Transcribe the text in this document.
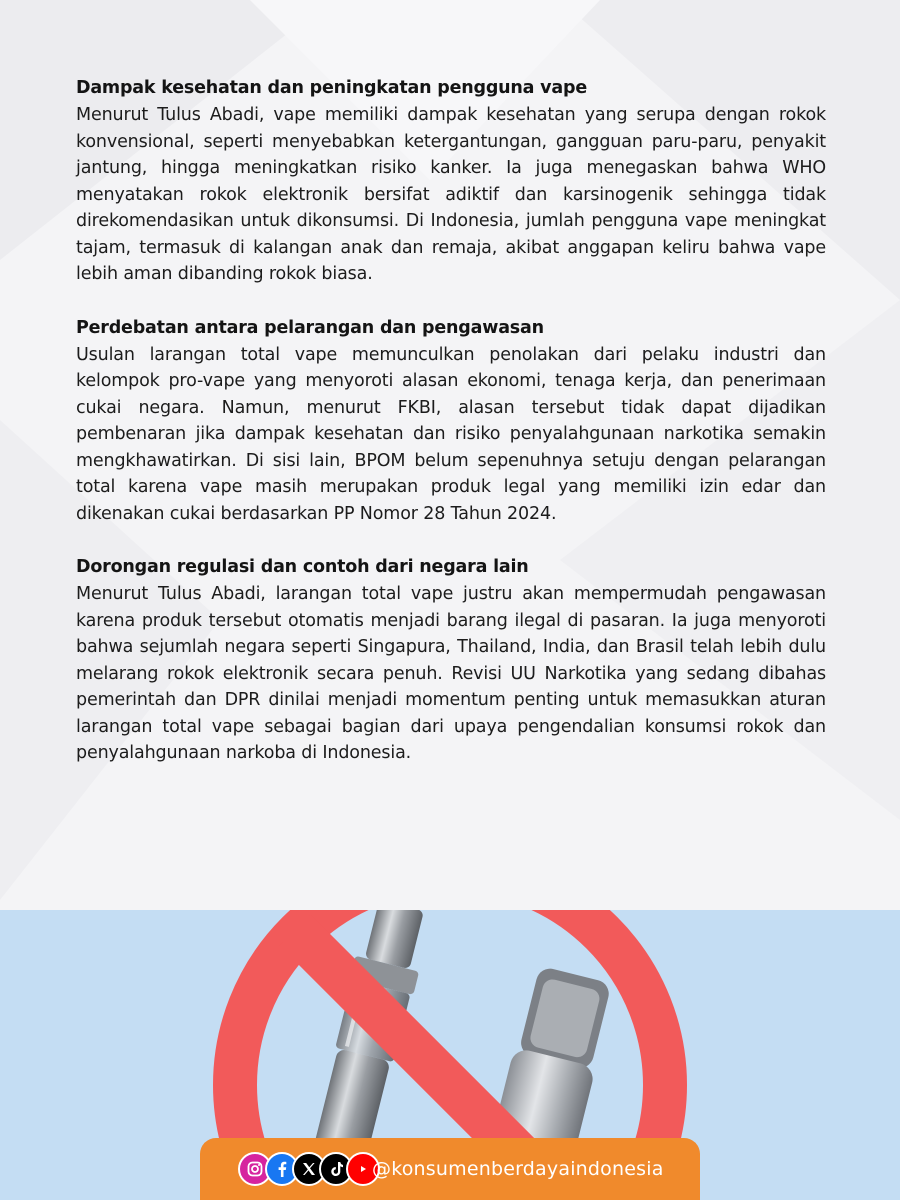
Dampak kesehatan dan peningkatan pengguna vape

Menurut Tulus Abadi, vape memiliki dampak kesehatan yang serupa dengan rokok konvensional, seperti menyebabkan ketergantungan, gangguan paru-paru, penyakit jantung, hingga meningkatkan risiko kanker. Ia juga menegaskan bahwa WHO menyatakan rokok elektronik bersifat adiktif dan karsinogenik sehingga tidak direkomendasikan untuk dikonsumsi. Di Indonesia, jumlah pengguna vape meningkat tajam, termasuk di kalangan anak dan remaja, akibat anggapan keliru bahwa vape lebih aman dibanding rokok biasa.

Perdebatan antara pelarangan dan pengawasan

Usulan larangan total vape memunculkan penolakan dari pelaku industri dan kelompok pro-vape yang menyoroti alasan ekonomi, tenaga kerja, dan penerimaan cukai negara. Namun, menurut FKBI, alasan tersebut tidak dapat dijadikan pembenaran jika dampak kesehatan dan risiko penyalahgunaan narkotika semakin mengkhawatirkan. Di sisi lain, BPOM belum sepenuhnya setuju dengan pelarangan total karena vape masih merupakan produk legal yang memiliki izin edar dan dikenakan cukai berdasarkan PP Nomor 28 Tahun 2024.

Dorongan regulasi dan contoh dari negara lain

Menurut Tulus Abadi, larangan total vape justru akan mempermudah pengawasan karena produk tersebut otomatis menjadi barang ilegal di pasaran. Ia juga menyoroti bahwa sejumlah negara seperti Singapura, Thailand, India, dan Brasil telah lebih dulu melarang rokok elektronik secara penuh. Revisi UU Narkotika yang sedang dibahas pemerintah dan DPR dinilai menjadi momentum penting untuk memasukkan aturan larangan total vape sebagai bagian dari upaya pengendalian konsumsi rokok dan penyalahgunaan narkoba di Indonesia.

@konsumenberdayaindonesia
